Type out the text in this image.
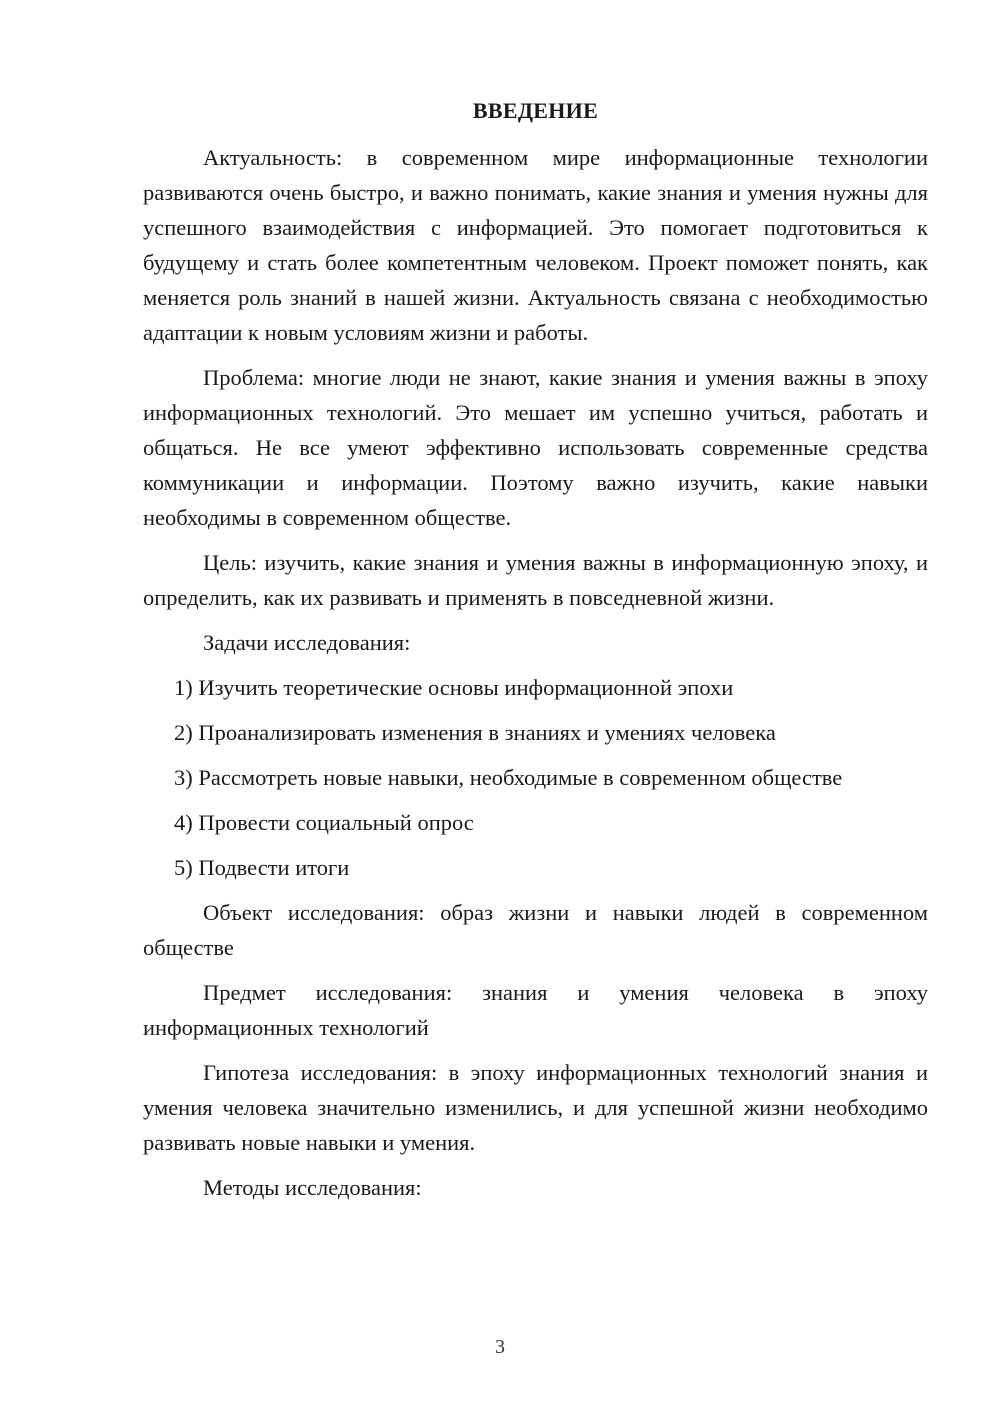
ВВЕДЕНИЕ

Актуальность: в современном мире информационные технологии развиваются очень быстро, и важно понимать, какие знания и умения нужны для успешного взаимодействия с информацией. Это помогает подготовиться к будущему и стать более компетентным человеком. Проект поможет понять, как меняется роль знаний в нашей жизни. Актуальность связана с необходимостью адаптации к новым условиям жизни и работы.

Проблема: многие люди не знают, какие знания и умения важны в эпоху информационных технологий. Это мешает им успешно учиться, работать и общаться. Не все умеют эффективно использовать современные средства коммуникации и информации. Поэтому важно изучить, какие навыки необходимы в современном обществе.

Цель: изучить, какие знания и умения важны в информационную эпоху, и определить, как их развивать и применять в повседневной жизни.

Задачи исследования:

1) Изучить теоретические основы информационной эпохи
2) Проанализировать изменения в знаниях и умениях человека
3) Рассмотреть новые навыки, необходимые в современном обществе
4) Провести социальный опрос
5) Подвести итоги

Объект исследования: образ жизни и навыки людей в современном обществе

Предмет исследования: знания и умения человека в эпоху информационных технологий

Гипотеза исследования: в эпоху информационных технологий знания и умения человека значительно изменились, и для успешной жизни необходимо развивать новые навыки и умения.

Методы исследования:

3
